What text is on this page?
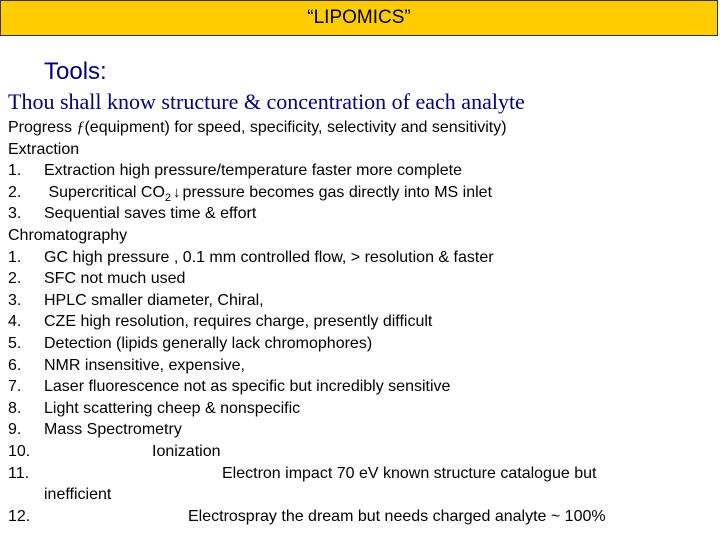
“LIPOMICS”
Tools:
Thou shall know structure & concentration of each analyte
Progress ƒ(equipment) for speed, specificity, selectivity and sensitivity)
Extraction
1. Extraction high pressure/temperature faster more complete
2. Supercritical $CO_2$ ↓ pressure becomes gas directly into MS inlet
3. Sequential saves time & effort
Chromatography
1. GC high pressure , 0.1 mm controlled flow, > resolution & faster
2. SFC not much used
3. HPLC smaller diameter, Chiral,
4. CZE high resolution, requires charge, presently difficult
5. Detection (lipids generally lack chromophores)
6. NMR insensitive, expensive,
7. Laser fluorescence not as specific but incredibly sensitive
8. Light scattering cheep & nonspecific
9. Mass Spectrometry
10.	Ionization
11.	Electron impact 70 eV known structure catalogue but
inefficient
12.	Electrospray the dream but needs charged analyte ~ 100%
